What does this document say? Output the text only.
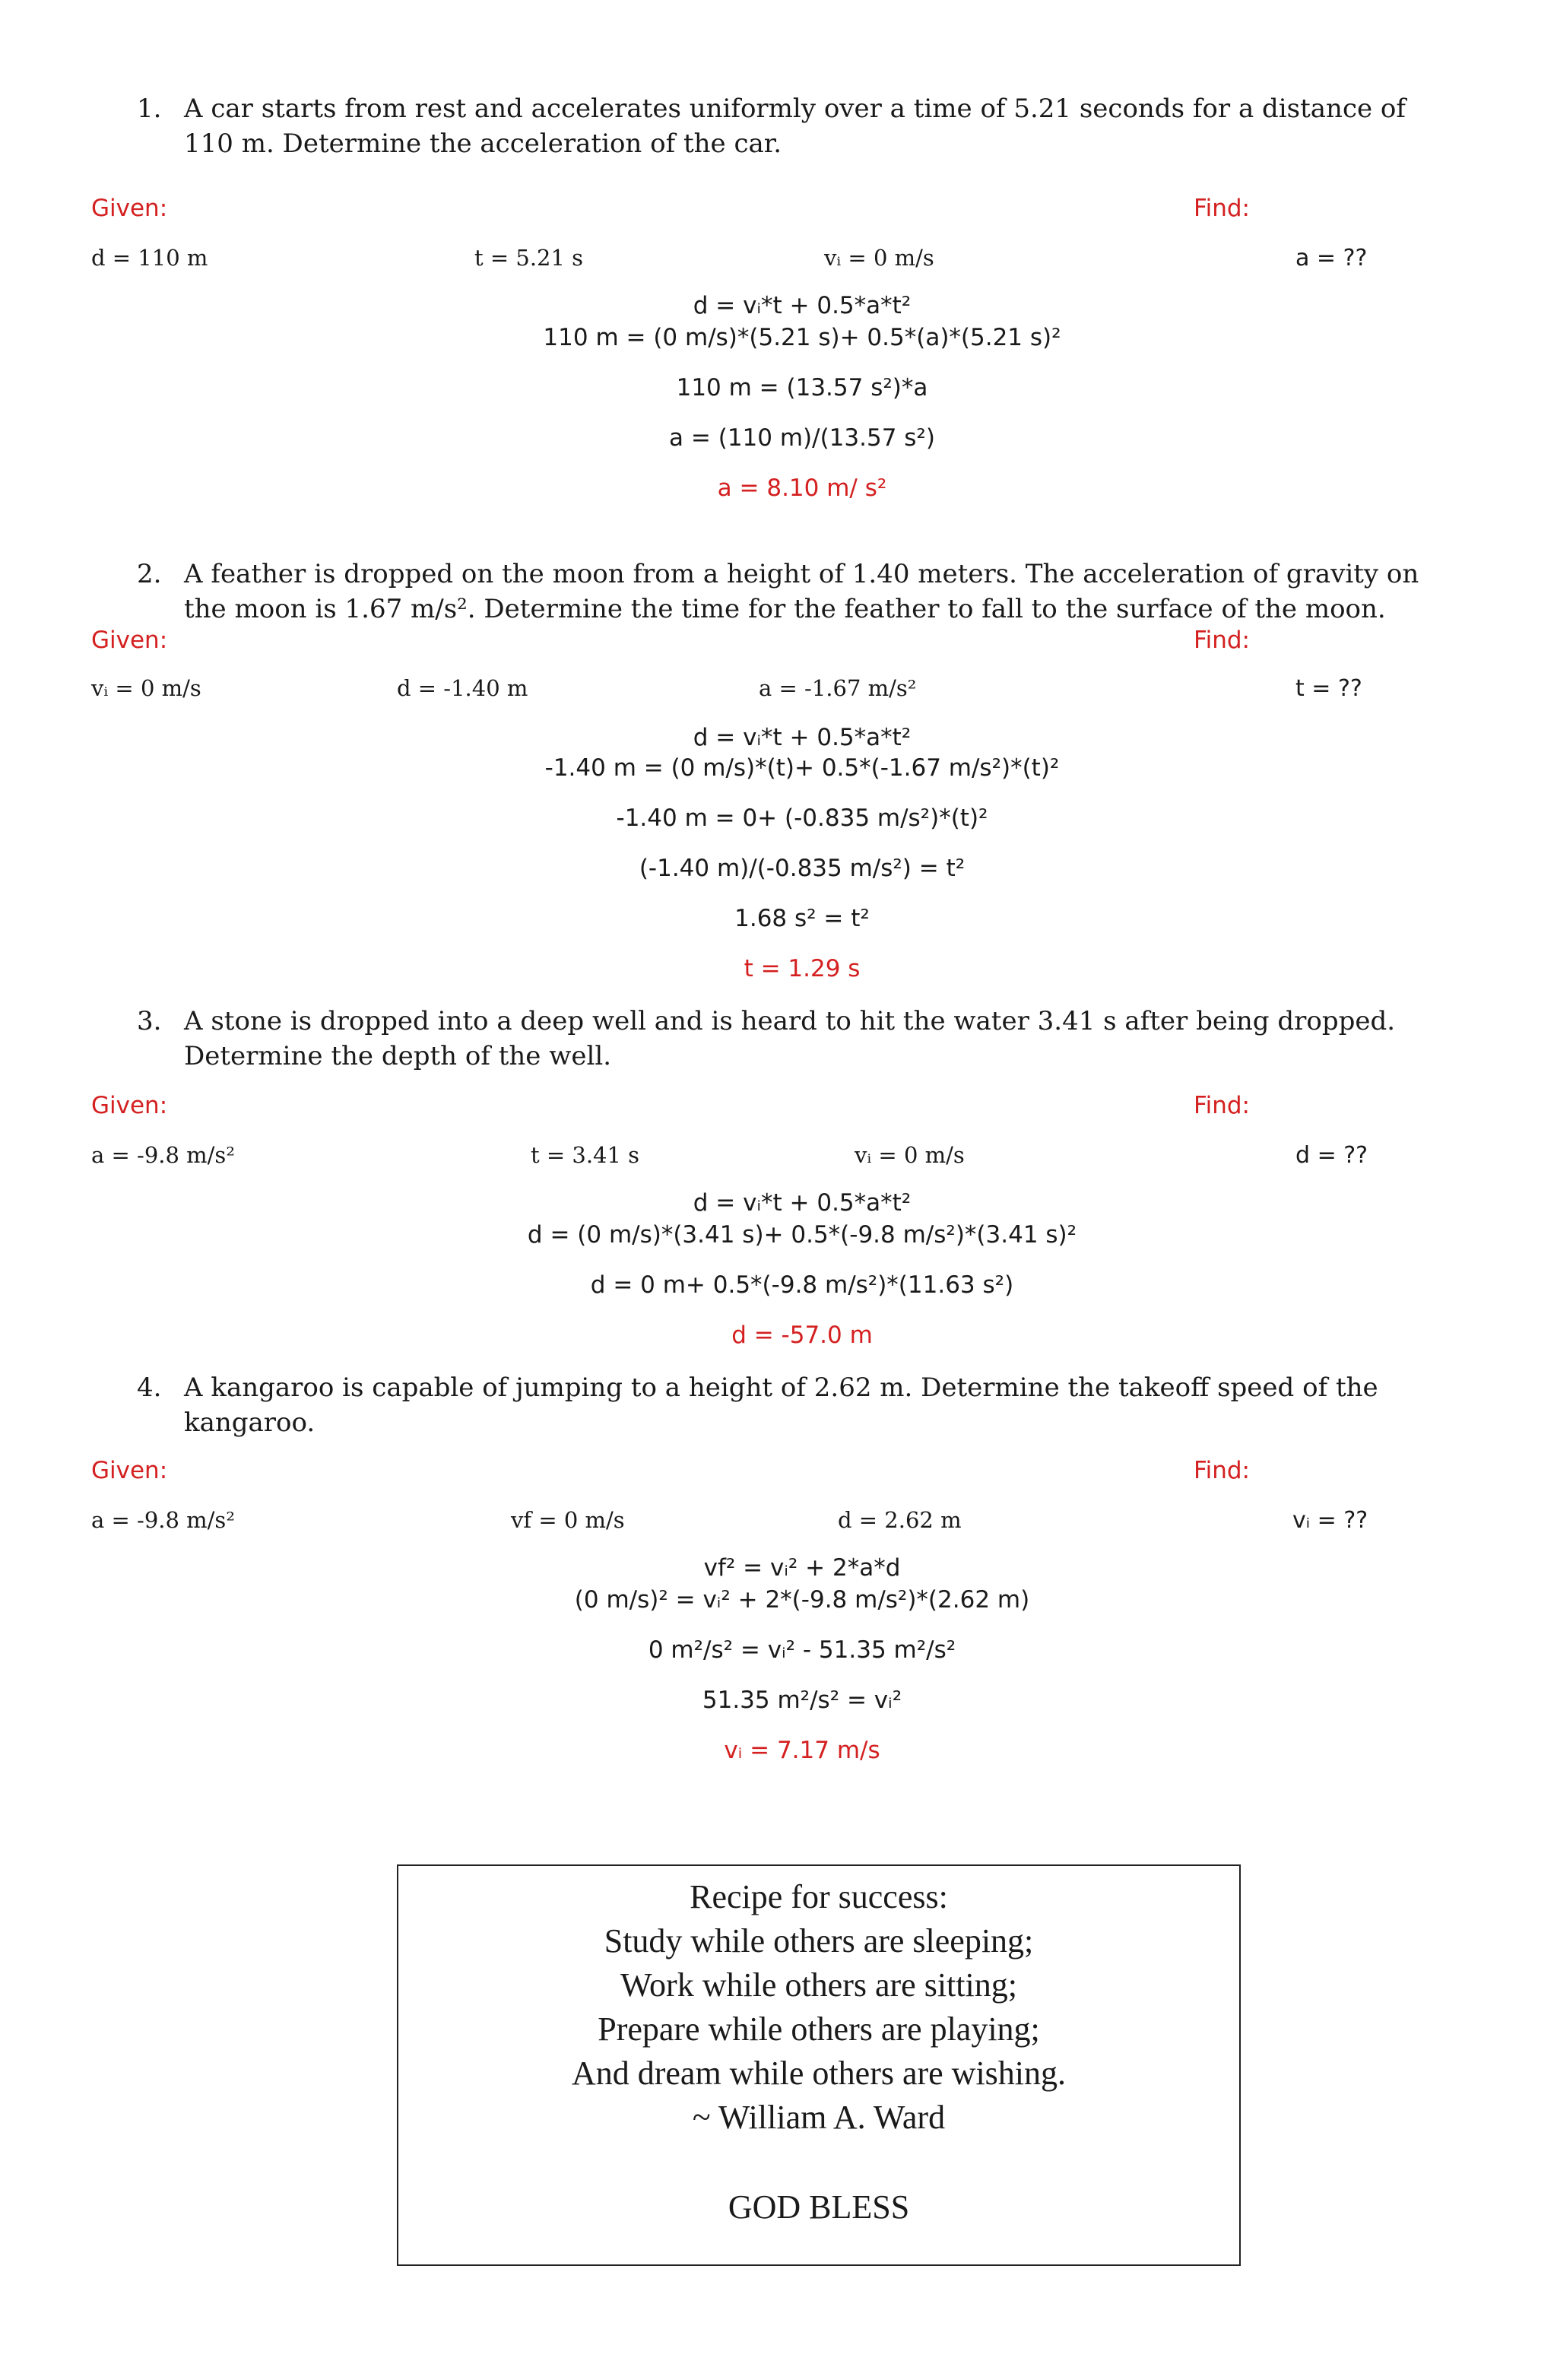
1. A car starts from rest and accelerates uniformly over a time of 5.21 seconds for a distance of 110 m. Determine the acceleration of the car.
Given:	Find:
d = 110 m	t = 5.21 s	vᵢ = 0 m/s	a = ??
d = vᵢ*t + 0.5*a*t²
110 m = (0 m/s)*(5.21 s)+ 0.5*(a)*(5.21 s)²
110 m = (13.57 s²)*a
a = (110 m)/(13.57 s²)
a = 8.10 m/ s²
2. A feather is dropped on the moon from a height of 1.40 meters. The acceleration of gravity on the moon is 1.67 m/s². Determine the time for the feather to fall to the surface of the moon.
Given:	Find:
vᵢ = 0 m/s	d = -1.40 m	a = -1.67 m/s²	t = ??
d = vᵢ*t + 0.5*a*t²
-1.40 m = (0 m/s)*(t)+ 0.5*(-1.67 m/s²)*(t)²
-1.40 m = 0+ (-0.835 m/s²)*(t)²
(-1.40 m)/(-0.835 m/s²) = t²
1.68 s² = t²
t = 1.29 s
3. A stone is dropped into a deep well and is heard to hit the water 3.41 s after being dropped. Determine the depth of the well.
Given:	Find:
a = -9.8 m/s²	t = 3.41 s	vᵢ = 0 m/s	d = ??
d = vᵢ*t + 0.5*a*t²
d = (0 m/s)*(3.41 s)+ 0.5*(-9.8 m/s²)*(3.41 s)²
d = 0 m+ 0.5*(-9.8 m/s²)*(11.63 s²)
d = -57.0 m
4. A kangaroo is capable of jumping to a height of 2.62 m. Determine the takeoff speed of the kangaroo.
Given:	Find:
a = -9.8 m/s²	vf = 0 m/s	d = 2.62 m	vᵢ = ??
vf² = vᵢ² + 2*a*d
(0 m/s)² = vᵢ² + 2*(-9.8 m/s²)*(2.62 m)
0 m²/s² = vᵢ² - 51.35 m²/s²
51.35 m²/s² = vᵢ²
vᵢ = 7.17 m/s
Recipe for success:
Study while others are sleeping;
Work while others are sitting;
Prepare while others are playing;
And dream while others are wishing.
~ William A. Ward
GOD BLESS
